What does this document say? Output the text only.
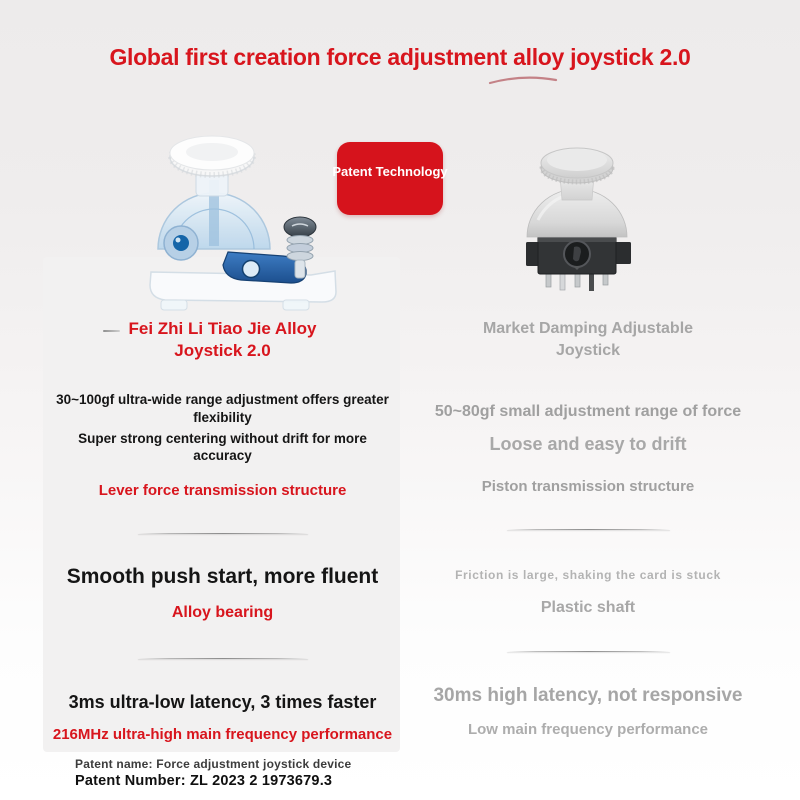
Global first creation force adjustment alloy joystick 2.0
Patent Technology
Fei Zhi Li Tiao Jie Alloy Joystick 2.0
30~100gf ultra-wide range adjustment offers greater flexibility
Super strong centering without drift for more accuracy
Lever force transmission structure
Smooth push start, more fluent
Alloy bearing
3ms ultra-low latency, 3 times faster
216MHz ultra-high main frequency performance
Market Damping Adjustable Joystick
50~80gf small adjustment range of force
Loose and easy to drift
Piston transmission structure
Friction is large, shaking the card is stuck
Plastic shaft
30ms high latency, not responsive
Low main frequency performance
Patent name: Force adjustment joystick device
Patent Number: ZL 2023 2 1973679.3
